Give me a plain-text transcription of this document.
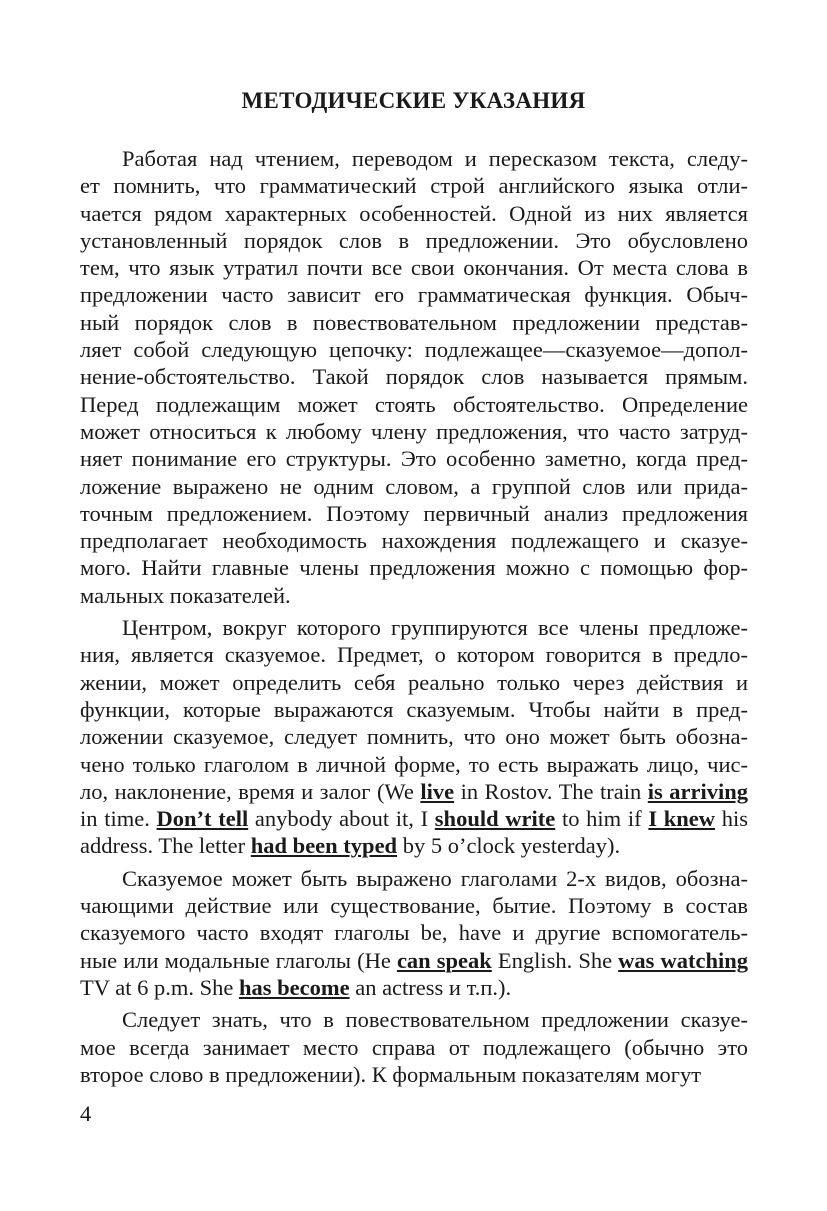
МЕТОДИЧЕСКИЕ УКАЗАНИЯ
Работая над чтением, переводом и пересказом текста, следу-
ет помнить, что грамматический строй английского языка отли-
чается рядом характерных особенностей. Одной из них является
установленный порядок слов в предложении. Это обусловлено
тем, что язык утратил почти все свои окончания. От места слова в
предложении часто зависит его грамматическая функция. Обыч-
ный порядок слов в повествовательном предложении представ-
ляет собой следующую цепочку: подлежащее—сказуемое—допол-
нение-обстоятельство. Такой порядок слов называется прямым.
Перед подлежащим может стоять обстоятельство. Определение
может относиться к любому члену предложения, что часто затруд-
няет понимание его структуры. Это особенно заметно, когда пред-
ложение выражено не одним словом, а группой слов или прида-
точным предложением. Поэтому первичный анализ предложения
предполагает необходимость нахождения подлежащего и сказуе-
мого. Найти главные члены предложения можно с помощью фор-
мальных показателей.
Центром, вокруг которого группируются все члены предложе-
ния, является сказуемое. Предмет, о котором говорится в предло-
жении, может определить себя реально только через действия и
функции, которые выражаются сказуемым. Чтобы найти в пред-
ложении сказуемое, следует помнить, что оно может быть обозна-
чено только глаголом в личной форме, то есть выражать лицо, чис-
ло, наклонение, время и залог (We live in Rostov. The train is arriving
in time. Don’t tell anybody about it, I should write to him if I knew his
address. The letter had been typed by 5 o’clock yesterday).
Сказуемое может быть выражено глаголами 2-х видов, обозна-
чающими действие или существование, бытие. Поэтому в состав
сказуемого часто входят глаголы be, have и другие вспомогатель-
ные или модальные глаголы (He can speak English. She was watching
TV at 6 p.m. She has become an actress и т.п.).
Следует знать, что в повествовательном предложении сказуе-
мое всегда занимает место справа от подлежащего (обычно это
второе слово в предложении). К формальным показателям могут
4
